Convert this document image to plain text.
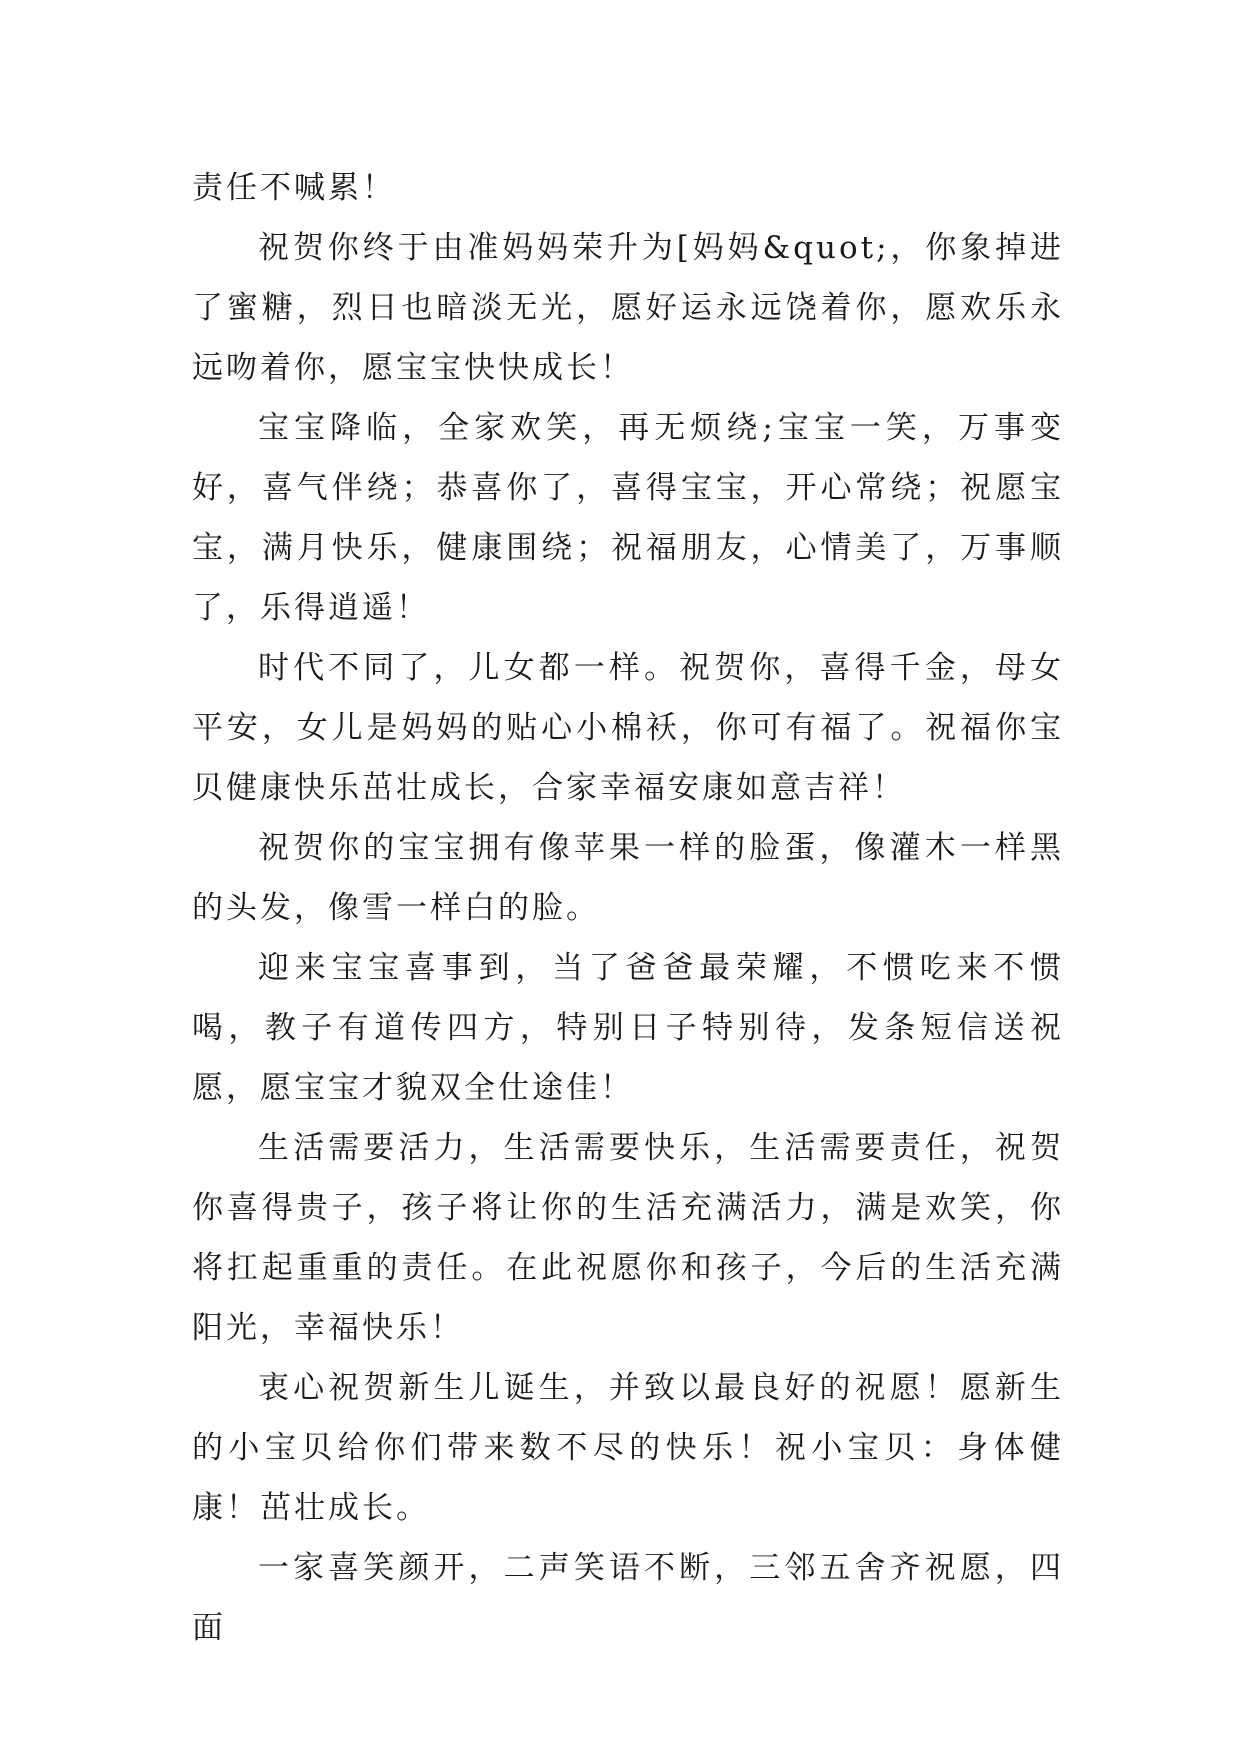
责任不喊累！

祝贺你终于由准妈妈荣升为[妈妈&quot;，你象掉进了蜜糖，烈日也暗淡无光，愿好运永远饶着你，愿欢乐永远吻着你，愿宝宝快快成长！

宝宝降临，全家欢笑，再无烦绕;宝宝一笑，万事变好，喜气伴绕；恭喜你了，喜得宝宝，开心常绕；祝愿宝宝，满月快乐，健康围绕；祝福朋友，心情美了，万事顺了，乐得逍遥！

时代不同了，儿女都一样。祝贺你，喜得千金，母女平安，女儿是妈妈的贴心小棉袄，你可有福了。祝福你宝贝健康快乐茁壮成长，合家幸福安康如意吉祥！

祝贺你的宝宝拥有像苹果一样的脸蛋，像灌木一样黑的头发，像雪一样白的脸。

迎来宝宝喜事到，当了爸爸最荣耀，不惯吃来不惯喝，教子有道传四方，特别日子特别待，发条短信送祝愿，愿宝宝才貌双全仕途佳！

生活需要活力，生活需要快乐，生活需要责任，祝贺你喜得贵子，孩子将让你的生活充满活力，满是欢笑，你将扛起重重的责任。在此祝愿你和孩子，今后的生活充满阳光，幸福快乐！

衷心祝贺新生儿诞生，并致以最良好的祝愿！愿新生的小宝贝给你们带来数不尽的快乐！祝小宝贝：身体健康！茁壮成长。

一家喜笑颜开，二声笑语不断，三邻五舍齐祝愿，四面
